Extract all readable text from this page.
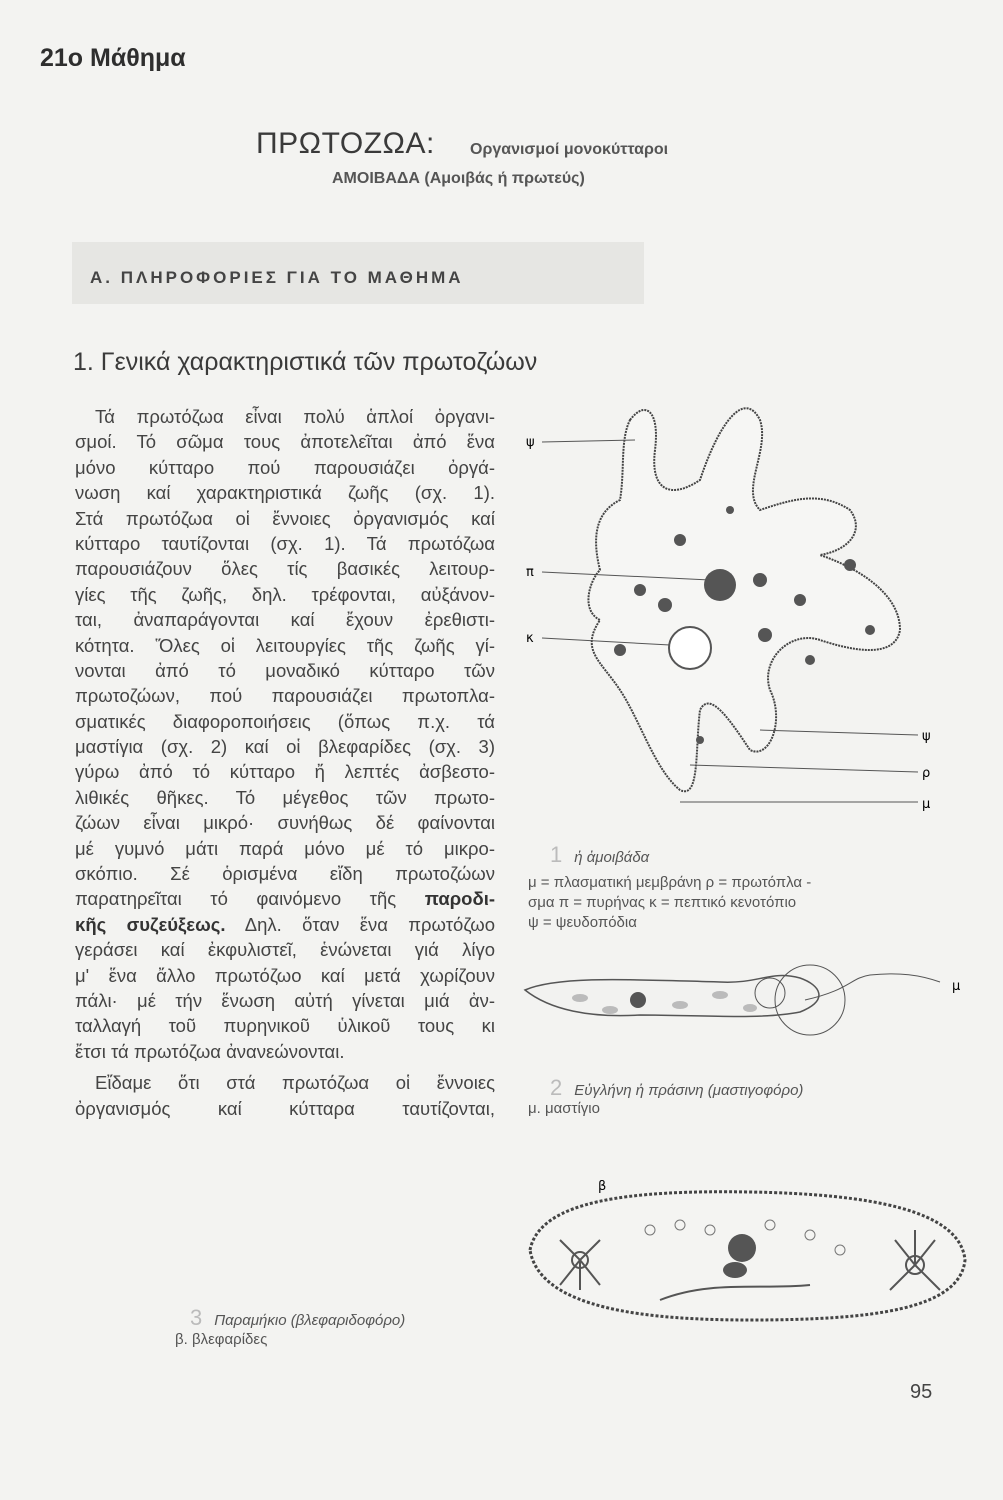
21ο Μάθημα
ΠΡΩΤΟΖΩΑ: Οργανισμοί μονοκύτταροι
ΑΜΟΙΒΑΔΑ (Αμοιβάς ή πρωτεύς)
Α. ΠΛΗΡΟΦΟΡΙΕΣ ΓΙΑ ΤΟ ΜΑΘΗΜΑ
1. Γενικά χαρακτηριστικά τῶν πρωτοζώων
Τά πρωτόζωα εἶναι πολύ ἁπλοί ὀργανι-
σμοί. Τό σῶμα τους ἀποτελεῖται ἀπό ἕνα
μόνο κύτταρο πού παρουσιάζει ὀργά-
νωση καί χαρακτηριστικά ζωῆς (σχ. 1).
Στά πρωτόζωα οἱ ἔννοιες ὀργανισμός καί
κύτταρο ταυτίζονται (σχ. 1). Τά πρωτόζωα
παρουσιάζουν ὅλες τίς βασικές λειτουρ-
γίες τῆς ζωῆς, δηλ. τρέφονται, αὐξάνον-
ται, ἀναπαράγονται καί ἔχουν ἐρεθιστι-
κότητα. Ὅλες οἱ λειτουργίες τῆς ζωῆς γί-
νονται ἀπό τό μοναδικό κύτταρο τῶν
πρωτοζώων, πού παρουσιάζει πρωτοπλα-
σματικές διαφοροποιήσεις (ὅπως π.χ. τά
μαστίγια (σχ. 2) καί οἱ βλεφαρίδες (σχ. 3)
γύρω ἀπό τό κύτταρο ἤ λεπτές ἀσβεστο-
λιθικές θῆκες. Τό μέγεθος τῶν πρωτο-
ζώων εἶναι μικρό· συνήθως δέ φαίνονται
μέ γυμνό μάτι παρά μόνο μέ τό μικρο-
σκόπιο. Σέ ὁρισμένα εἴδη πρωτοζώων
παρατηρεῖται τό φαινόμενο τῆς παροδι-
κῆς συζεύξεως. Δηλ. ὅταν ἕνα πρωτόζωο
γεράσει καί ἐκφυλιστεῖ, ἑνώνεται γιά λίγο
μ' ἕνα ἄλλο πρωτόζωο καί μετά χωρίζουν
πάλι· μέ τήν ἕνωση αὐτή γίνεται μιά ἀν-
ταλλαγή τοῦ πυρηνικοῦ ὑλικοῦ τους κι
ἔτσι τά πρωτόζωα ἀνανεώνονται.
Εἴδαμε ὅτι στά πρωτόζωα οἱ ἔννοιες
ὀργανισμός καί κύτταρα ταυτίζονται,
ψ
π
κ
ψ
ρ
μ
1 ἡ ἀμοιβάδα
μ = πλασματική μεμβράνη ρ = πρωτόπλα -
σμα π = πυρήνας κ = πεπτικό κενοτόπιο
ψ = ψευδοπόδια
μ
2 Εὐγλήνη ἡ πράσινη (μαστιγοφόρο)
μ. μαστίγιο
β
3 Παραμήκιο (βλεφαριδοφόρο)
β. βλεφαρίδες
95
